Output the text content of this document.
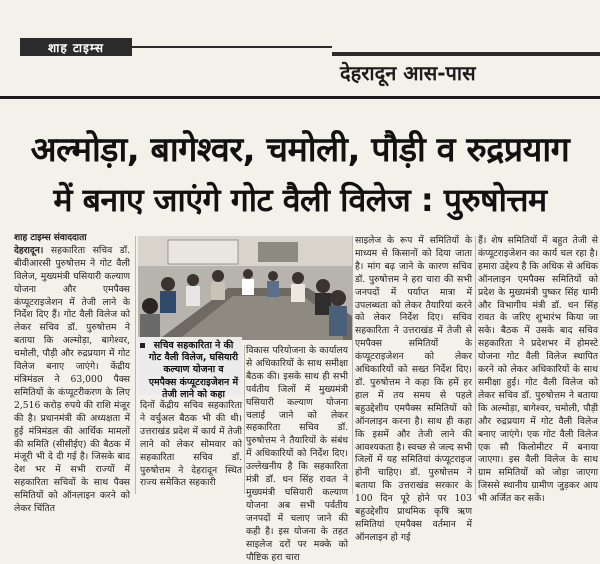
शाह टाइम्स
देहरादून आस-पास
अल्मोड़ा, बागेश्वर, चमोली, पौड़ी व रुद्रप्रयाग
में बनाए जाएंगे गोट वैली विलेज : पुरुषोत्तम

शाह टाइम्स संवाददाता

देहरादून। सहकारिता सचिव डॉ. बीवीआरसी पुरुषोत्तम ने गोट वैली विलेज, मुख्यमंत्री घसियारी कल्याण योजना और एमपैक्स कंप्यूटराइजेशन में तेजी लाने के निर्देश दिए हैं। गोट वैली विलेज को लेकर सचिव डॉ. पुरुषोत्तम ने बताया कि अल्मोड़ा, बागेश्वर, चमोली, पौड़ी और रुद्रप्रयाग में गोट विलेज बनाए जाएंगे। केंद्रीय मंत्रिमंडल ने 63,000 पैक्स समितियों के कंप्यूटरीकरण के लिए 2,516 करोड़ रुपये की राशि मंजूर की है। प्रधानमंत्री की अध्यक्षता में हुई मंत्रिमंडल की आर्थिक मामलों की समिति (सीसीईए) की बैठक में मंजूरी भी दे दी गई है। जिसके बाद देश भर में सभी राज्यों में सहकारिता सचिवों के साथ पैक्स समितियों को ऑनलाइन करने को लेकर चिंतित

सचिव सहकारिता ने की गोट वैली विलेज, घसियारी कल्याण योजना व एमपैक्स कंप्यूटराइजेशन में तेजी लाने को कहा

दिनों केंद्रीय सचिव सहकारिता ने वर्चुअल बैठक भी की थी। उत्तराखंड प्रदेश में कार्य में तेजी लाने को लेकर सोमवार को सहकारिता सचिव डॉ. पुरुषोत्तम ने देहरादून स्थित राज्य समेकित सहकारी

विकास परियोजना के कार्यालय से अधिकारियों के साथ समीक्षा बैठक की। इसके साथ ही सभी पर्वतीय जिलों में मुख्यमंत्री घसियारी कल्याण योजना चलाई जाने को लेकर सहकारिता सचिव डॉ. पुरुषोत्तम ने तैयारियों के संबंध में अधिकारियों को निर्देश दिए। उल्लेखनीय है कि सहकारिता मंत्री डॉ. धन सिंह रावत ने मुख्यमंत्री घसियारी कल्याण योजना अब सभी पर्वतीय जनपदों में चलाए जाने की कही है। इस योजना के तहत साइलेज दरों पर मक्के को पौष्टिक हरा चारा

साइलेज के रूप में समितियों के माध्यम से किसानों को दिया जाता है। मांग बढ़ जाने के कारण सचिव डॉ. पुरुषोत्तम ने हरा चारा की सभी जनपदों में पर्याप्त मात्रा में उपलब्धता को लेकर तैयारियां करने को लेकर निर्देश दिए। सचिव सहकारिता ने उत्तराखंड में तेजी से एमपैक्स समितियों के कंप्यूटराइजेशन को लेकर अधिकारियों को सख्त निर्देश दिए। डॉ. पुरुषोत्तम ने कहा कि हमें हर हाल में तय समय से पहले बहुउद्देशीय एमपैक्स समितियों को ऑनलाइन करना है। साथ ही कहा कि इसमें और तेजी लाने की आवश्यकता है। स्वच्छ से जल्द सभी जिलों में यह समितियां कंप्यूटराइज होनी चाहिए। डॉ. पुरुषोत्तम ने बताया कि उत्तराखंड सरकार के 100 दिन पूरे होने पर 103 बहुउद्देशीय प्राथमिक कृषि ऋण समितियां एमपैक्स वर्तमान में ऑनलाइन हो गई

हैं। शेष समितियों में बहुत तेजी से कंप्यूटराइजेशन का कार्य चल रहा है। हमारा उद्देश्य है कि अधिक से अधिक ऑनलाइन एमपैक्स समितियों को प्रदेश के मुख्यमंत्री पुष्कर सिंह धामी और विभागीय मंत्री डॉ. धन सिंह रावत के जरिए शुभारंभ किया जा सके। बैठक में उसके बाद सचिव सहकारिता ने प्रदेशभर में होमस्टे योजना गोट वैली विलेज स्थापित करने को लेकर अधिकारियों के साथ समीक्षा हुई। गोट वैली विलेज को लेकर सचिव डॉ. पुरुषोत्तम ने बताया कि अल्मोड़ा, बागेश्वर, चमोली, पौड़ी और रुद्रप्रयाग में गोट वैली विलेज बनाए जाएंगे। एक गोट वैली विलेज एक सौ किलोमीटर में बनाया जाएगा। इस वैली विलेज के साथ ग्राम समितियों को जोड़ा जाएगा जिससे स्थानीय ग्रामीण जुड़कर आय भी अर्जित कर सकें।
